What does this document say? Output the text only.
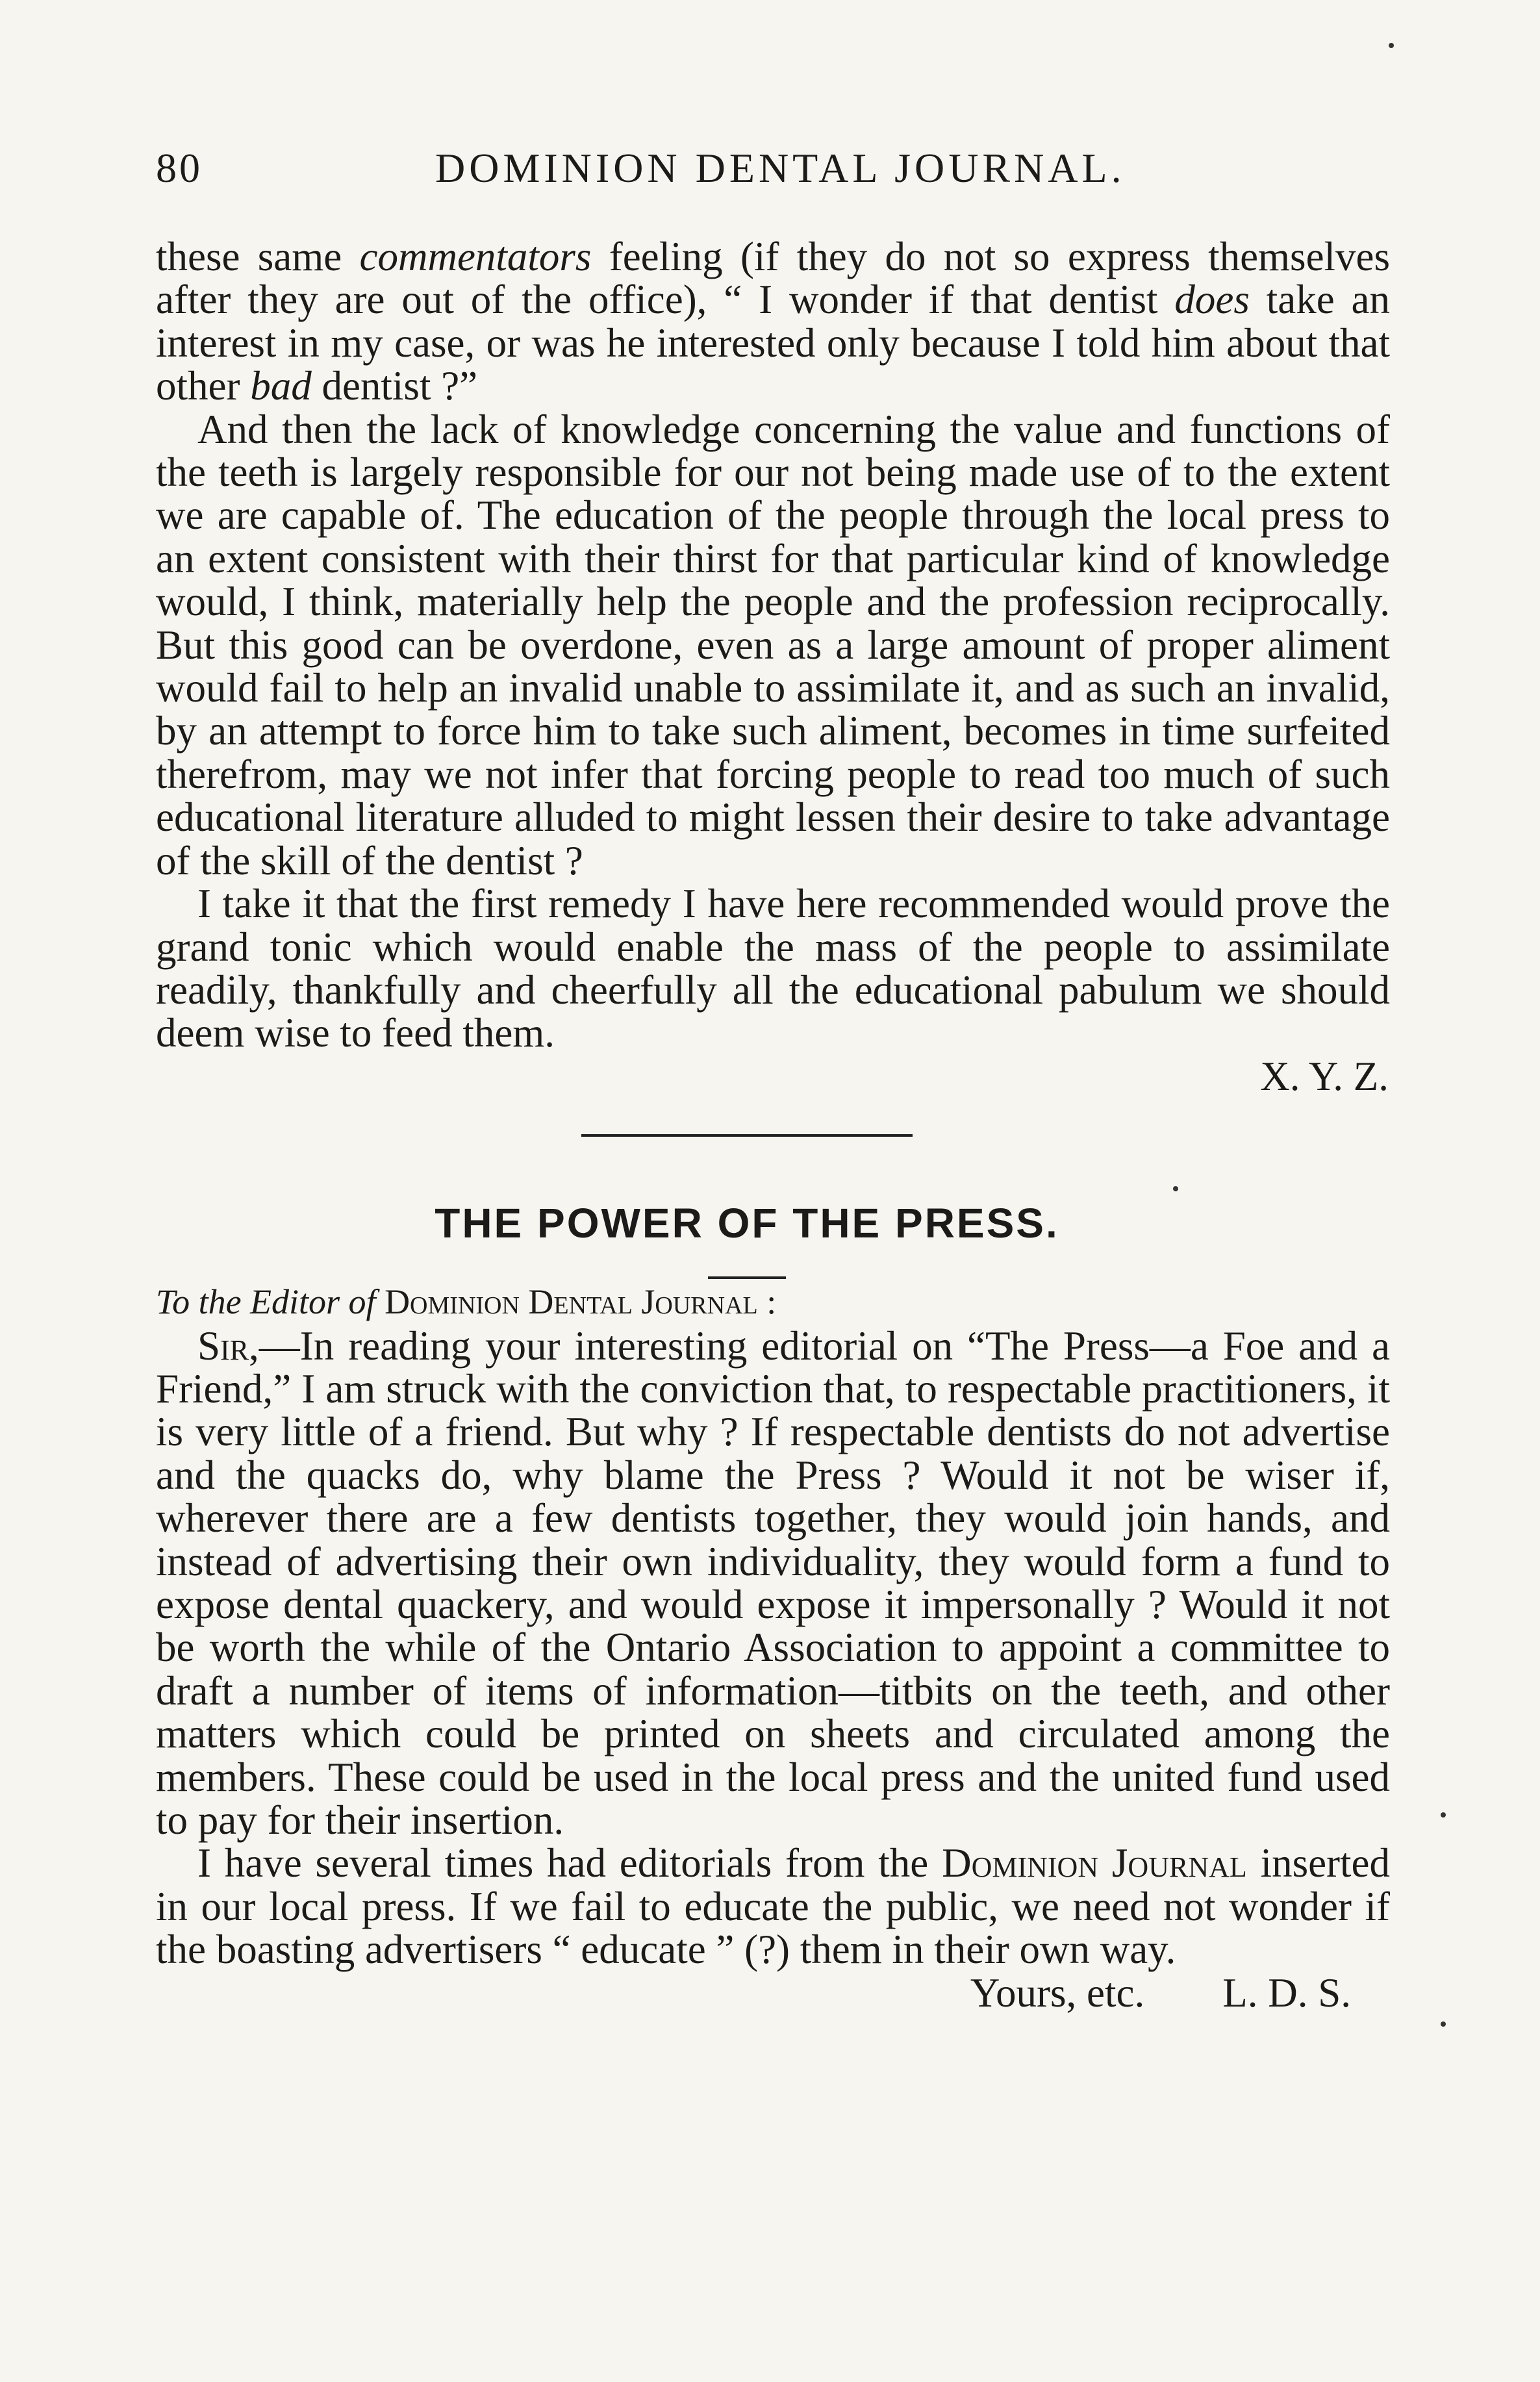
80	DOMINION DENTAL JOURNAL.

these same commentators feeling (if they do not so express themselves after they are out of the office), “ I wonder if that dentist does take an interest in my case, or was he interested only because I told him about that other bad dentist ?”

And then the lack of knowledge concerning the value and functions of the teeth is largely responsible for our not being made use of to the extent we are capable of. The education of the people through the local press to an extent consistent with their thirst for that particular kind of knowledge would, I think, materially help the people and the profession reciprocally. But this good can be overdone, even as a large amount of proper aliment would fail to help an invalid unable to assimilate it, and as such an invalid, by an attempt to force him to take such aliment, becomes in time surfeited therefrom, may we not infer that forcing people to read too much of such educational literature alluded to might lessen their desire to take advantage of the skill of the dentist ?

I take it that the first remedy I have here recommended would prove the grand tonic which would enable the mass of the people to assimilate readily, thankfully and cheerfully all the educational pabulum we should deem wise to feed them.

X. Y. Z.

THE POWER OF THE PRESS.

To the Editor of Dominion Dental Journal :

Sir,—In reading your interesting editorial on “The Press—a Foe and a Friend,” I am struck with the conviction that, to respectable practitioners, it is very little of a friend. But why ? If respectable dentists do not advertise and the quacks do, why blame the Press ? Would it not be wiser if, wherever there are a few dentists together, they would join hands, and instead of advertising their own individuality, they would form a fund to expose dental quackery, and would expose it impersonally ? Would it not be worth the while of the Ontario Association to appoint a committee to draft a number of items of information—titbits on the teeth, and other matters which could be printed on sheets and circulated among the members. These could be used in the local press and the united fund used to pay for their insertion.

I have several times had editorials from the Dominion Journal inserted in our local press. If we fail to educate the public, we need not wonder if the boasting advertisers “ educate ” (?) them in their own way.

Yours, etc. L. D. S.
